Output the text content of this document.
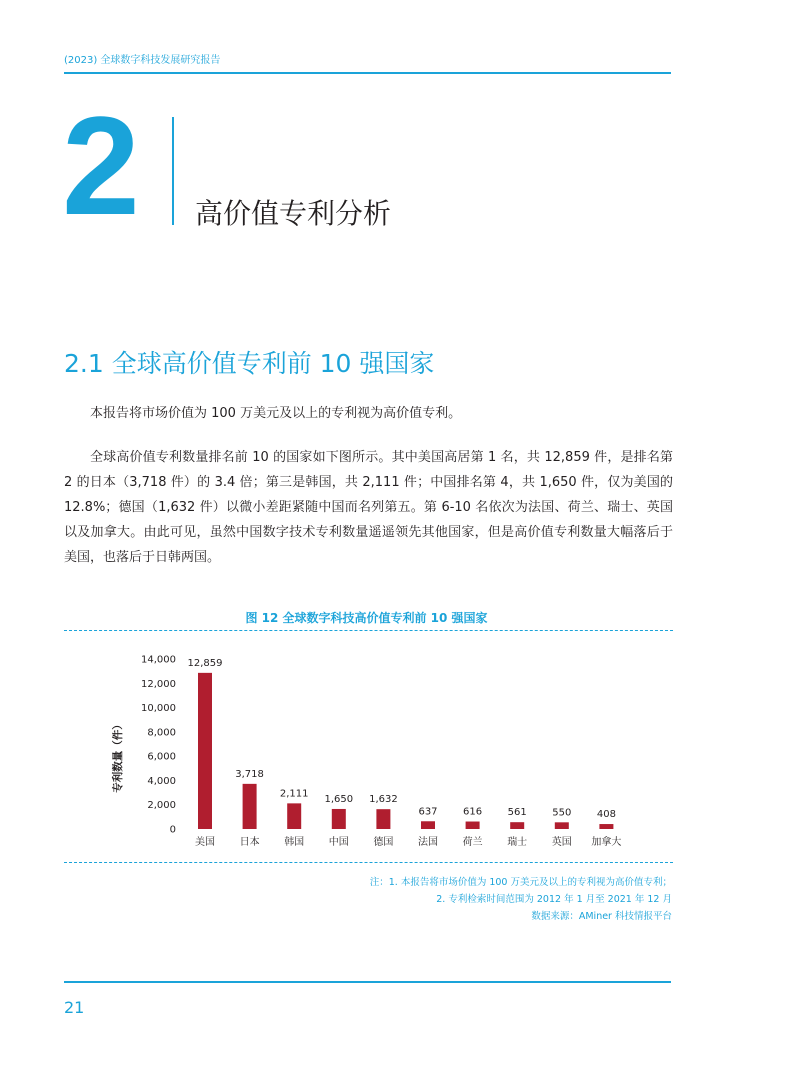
(2023) 全球数字科技发展研究报告
2 高价值专利分析
2.1 全球高价值专利前 10 强国家

本报告将市场价值为 100 万美元及以上的专利视为高价值专利。

全球高价值专利数量排名前 10 的国家如下图所示。其中美国高居第 1 名，共 12,859 件，是排名第 2 的日本（3,718 件）的 3.4 倍；第三是韩国，共 2,111 件；中国排名第 4，共 1,650 件，仅为美国的 12.8%；德国（1,632 件）以微小差距紧随中国而名列第五。第 6-10 名依次为法国、荷兰、瑞士、英国以及加拿大。由此可见，虽然中国数字技术专利数量遥遥领先其他国家，但是高价值专利数量大幅落后于美国，也落后于日韩两国。

图 12 全球数字科技高价值专利前 10 强国家
0
2,000
4,000
6,000
8,000
10,000
12,000
14,000
专利数量（件）
12,859
美国
3,718
日本
2,111
韩国
1,650
中国
1,632
德国
637
法国
616
荷兰
561
瑞士
550
英国
408
加拿大
注：1. 本报告将市场价值为 100 万美元及以上的专利视为高价值专利；
2. 专利检索时间范围为 2012 年 1 月至 2021 年 12 月
数据来源：AMiner 科技情报平台
21
